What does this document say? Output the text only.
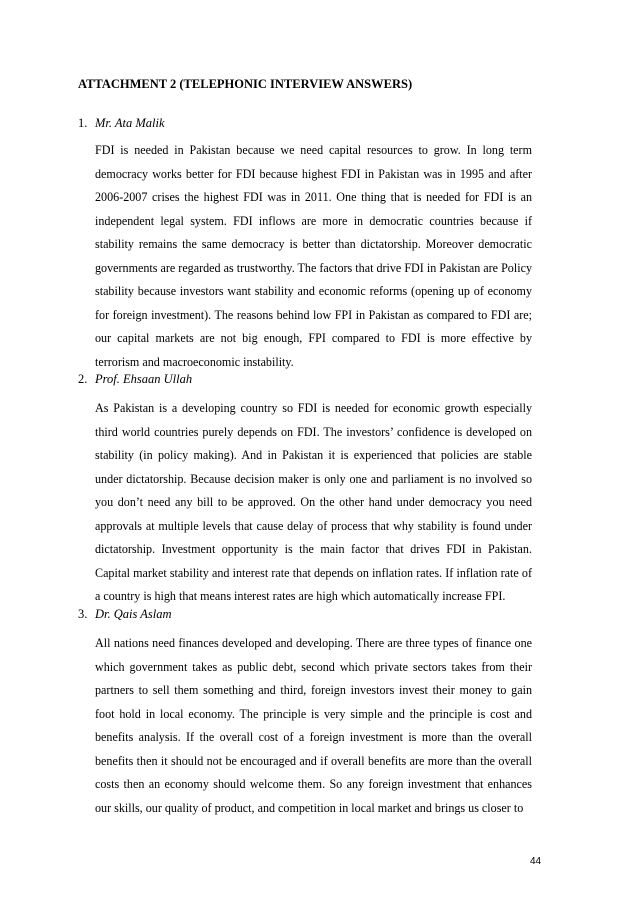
ATTACHMENT 2 (TELEPHONIC INTERVIEW ANSWERS)
1. Mr. Ata Malik
FDI is needed in Pakistan because we need capital resources to grow. In long term democracy works better for FDI because highest FDI in Pakistan was in 1995 and after 2006-2007 crises the highest FDI was in 2011. One thing that is needed for FDI is an independent legal system. FDI inflows are more in democratic countries because if stability remains the same democracy is better than dictatorship. Moreover democratic governments are regarded as trustworthy. The factors that drive FDI in Pakistan are Policy stability because investors want stability and economic reforms (opening up of economy for foreign investment). The reasons behind low FPI in Pakistan as compared to FDI are; our capital markets are not big enough, FPI compared to FDI is more effective by terrorism and macroeconomic instability.
2. Prof. Ehsaan Ullah
As Pakistan is a developing country so FDI is needed for economic growth especially third world countries purely depends on FDI. The investors’ confidence is developed on stability (in policy making). And in Pakistan it is experienced that policies are stable under dictatorship. Because decision maker is only one and parliament is no involved so you don’t need any bill to be approved. On the other hand under democracy you need approvals at multiple levels that cause delay of process that why stability is found under dictatorship. Investment opportunity is the main factor that drives FDI in Pakistan. Capital market stability and interest rate that depends on inflation rates. If inflation rate of a country is high that means interest rates are high which automatically increase FPI.
3. Dr. Qais Aslam
All nations need finances developed and developing. There are three types of finance one which government takes as public debt, second which private sectors takes from their partners to sell them something and third, foreign investors invest their money to gain foot hold in local economy. The principle is very simple and the principle is cost and benefits analysis. If the overall cost of a foreign investment is more than the overall benefits then it should not be encouraged and if overall benefits are more than the overall costs then an economy should welcome them. So any foreign investment that enhances our skills, our quality of product, and competition in local market and brings us closer to
44
